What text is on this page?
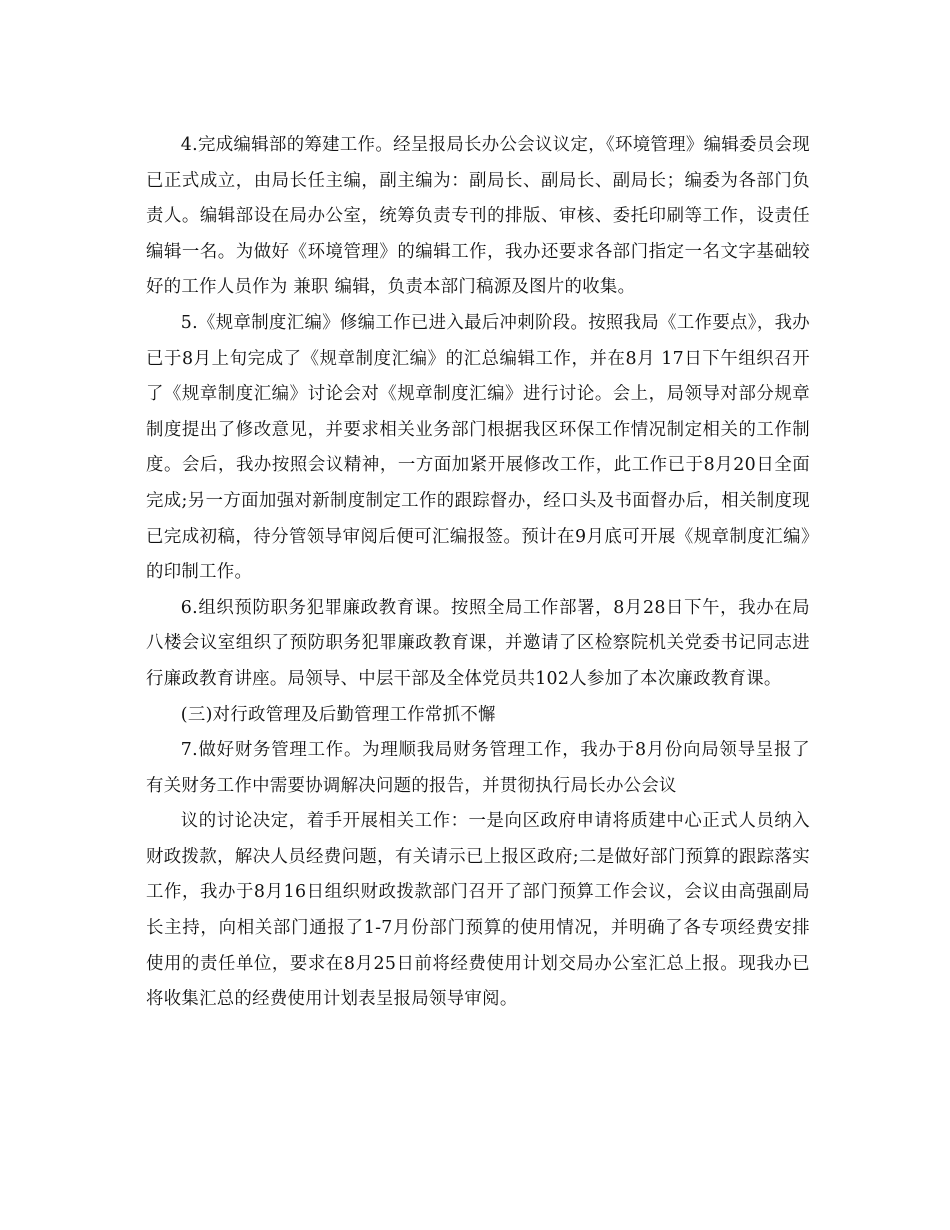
4.完成编辑部的筹建工作。经呈报局长办公会议议定，《环境管理》编辑委员会现已正式成立，由局长任主编，副主编为：副局长、副局长、副局长；编委为各部门负责人。编辑部设在局办公室，统筹负责专刊的排版、审核、委托印刷等工作，设责任编辑一名。为做好《环境管理》的编辑工作，我办还要求各部门指定一名文字基础较好的工作人员作为 兼职 编辑，负责本部门稿源及图片的收集。

5.《规章制度汇编》修编工作已进入最后冲刺阶段。按照我局《工作要点》，我办已于8月上旬完成了《规章制度汇编》的汇总编辑工作，并在8月 17日下午组织召开了《规章制度汇编》讨论会对《规章制度汇编》进行讨论。会上，局领导对部分规章制度提出了修改意见，并要求相关业务部门根据我区环保工作情况制定相关的工作制度。会后，我办按照会议精神，一方面加紧开展修改工作，此工作已于8月20日全面完成;另一方面加强对新制度制定工作的跟踪督办，经口头及书面督办后，相关制度现已完成初稿，待分管领导审阅后便可汇编报签。预计在9月底可开展《规章制度汇编》的印制工作。

6.组织预防职务犯罪廉政教育课。按照全局工作部署，8月28日下午，我办在局八楼会议室组织了预防职务犯罪廉政教育课，并邀请了区检察院机关党委书记同志进行廉政教育讲座。局领导、中层干部及全体党员共102人参加了本次廉政教育课。

(三)对行政管理及后勤管理工作常抓不懈

7.做好财务管理工作。为理顺我局财务管理工作，我办于8月份向局领导呈报了有关财务工作中需要协调解决问题的报告，并贯彻执行局长办公会议

议的讨论决定，着手开展相关工作：一是向区政府申请将质建中心正式人员纳入财政拨款，解决人员经费问题，有关请示已上报区政府;二是做好部门预算的跟踪落实工作，我办于8月16日组织财政拨款部门召开了部门预算工作会议，会议由高强副局长主持，向相关部门通报了1-7月份部门预算的使用情况，并明确了各专项经费安排使用的责任单位，要求在8月25日前将经费使用计划交局办公室汇总上报。现我办已将收集汇总的经费使用计划表呈报局领导审阅。
